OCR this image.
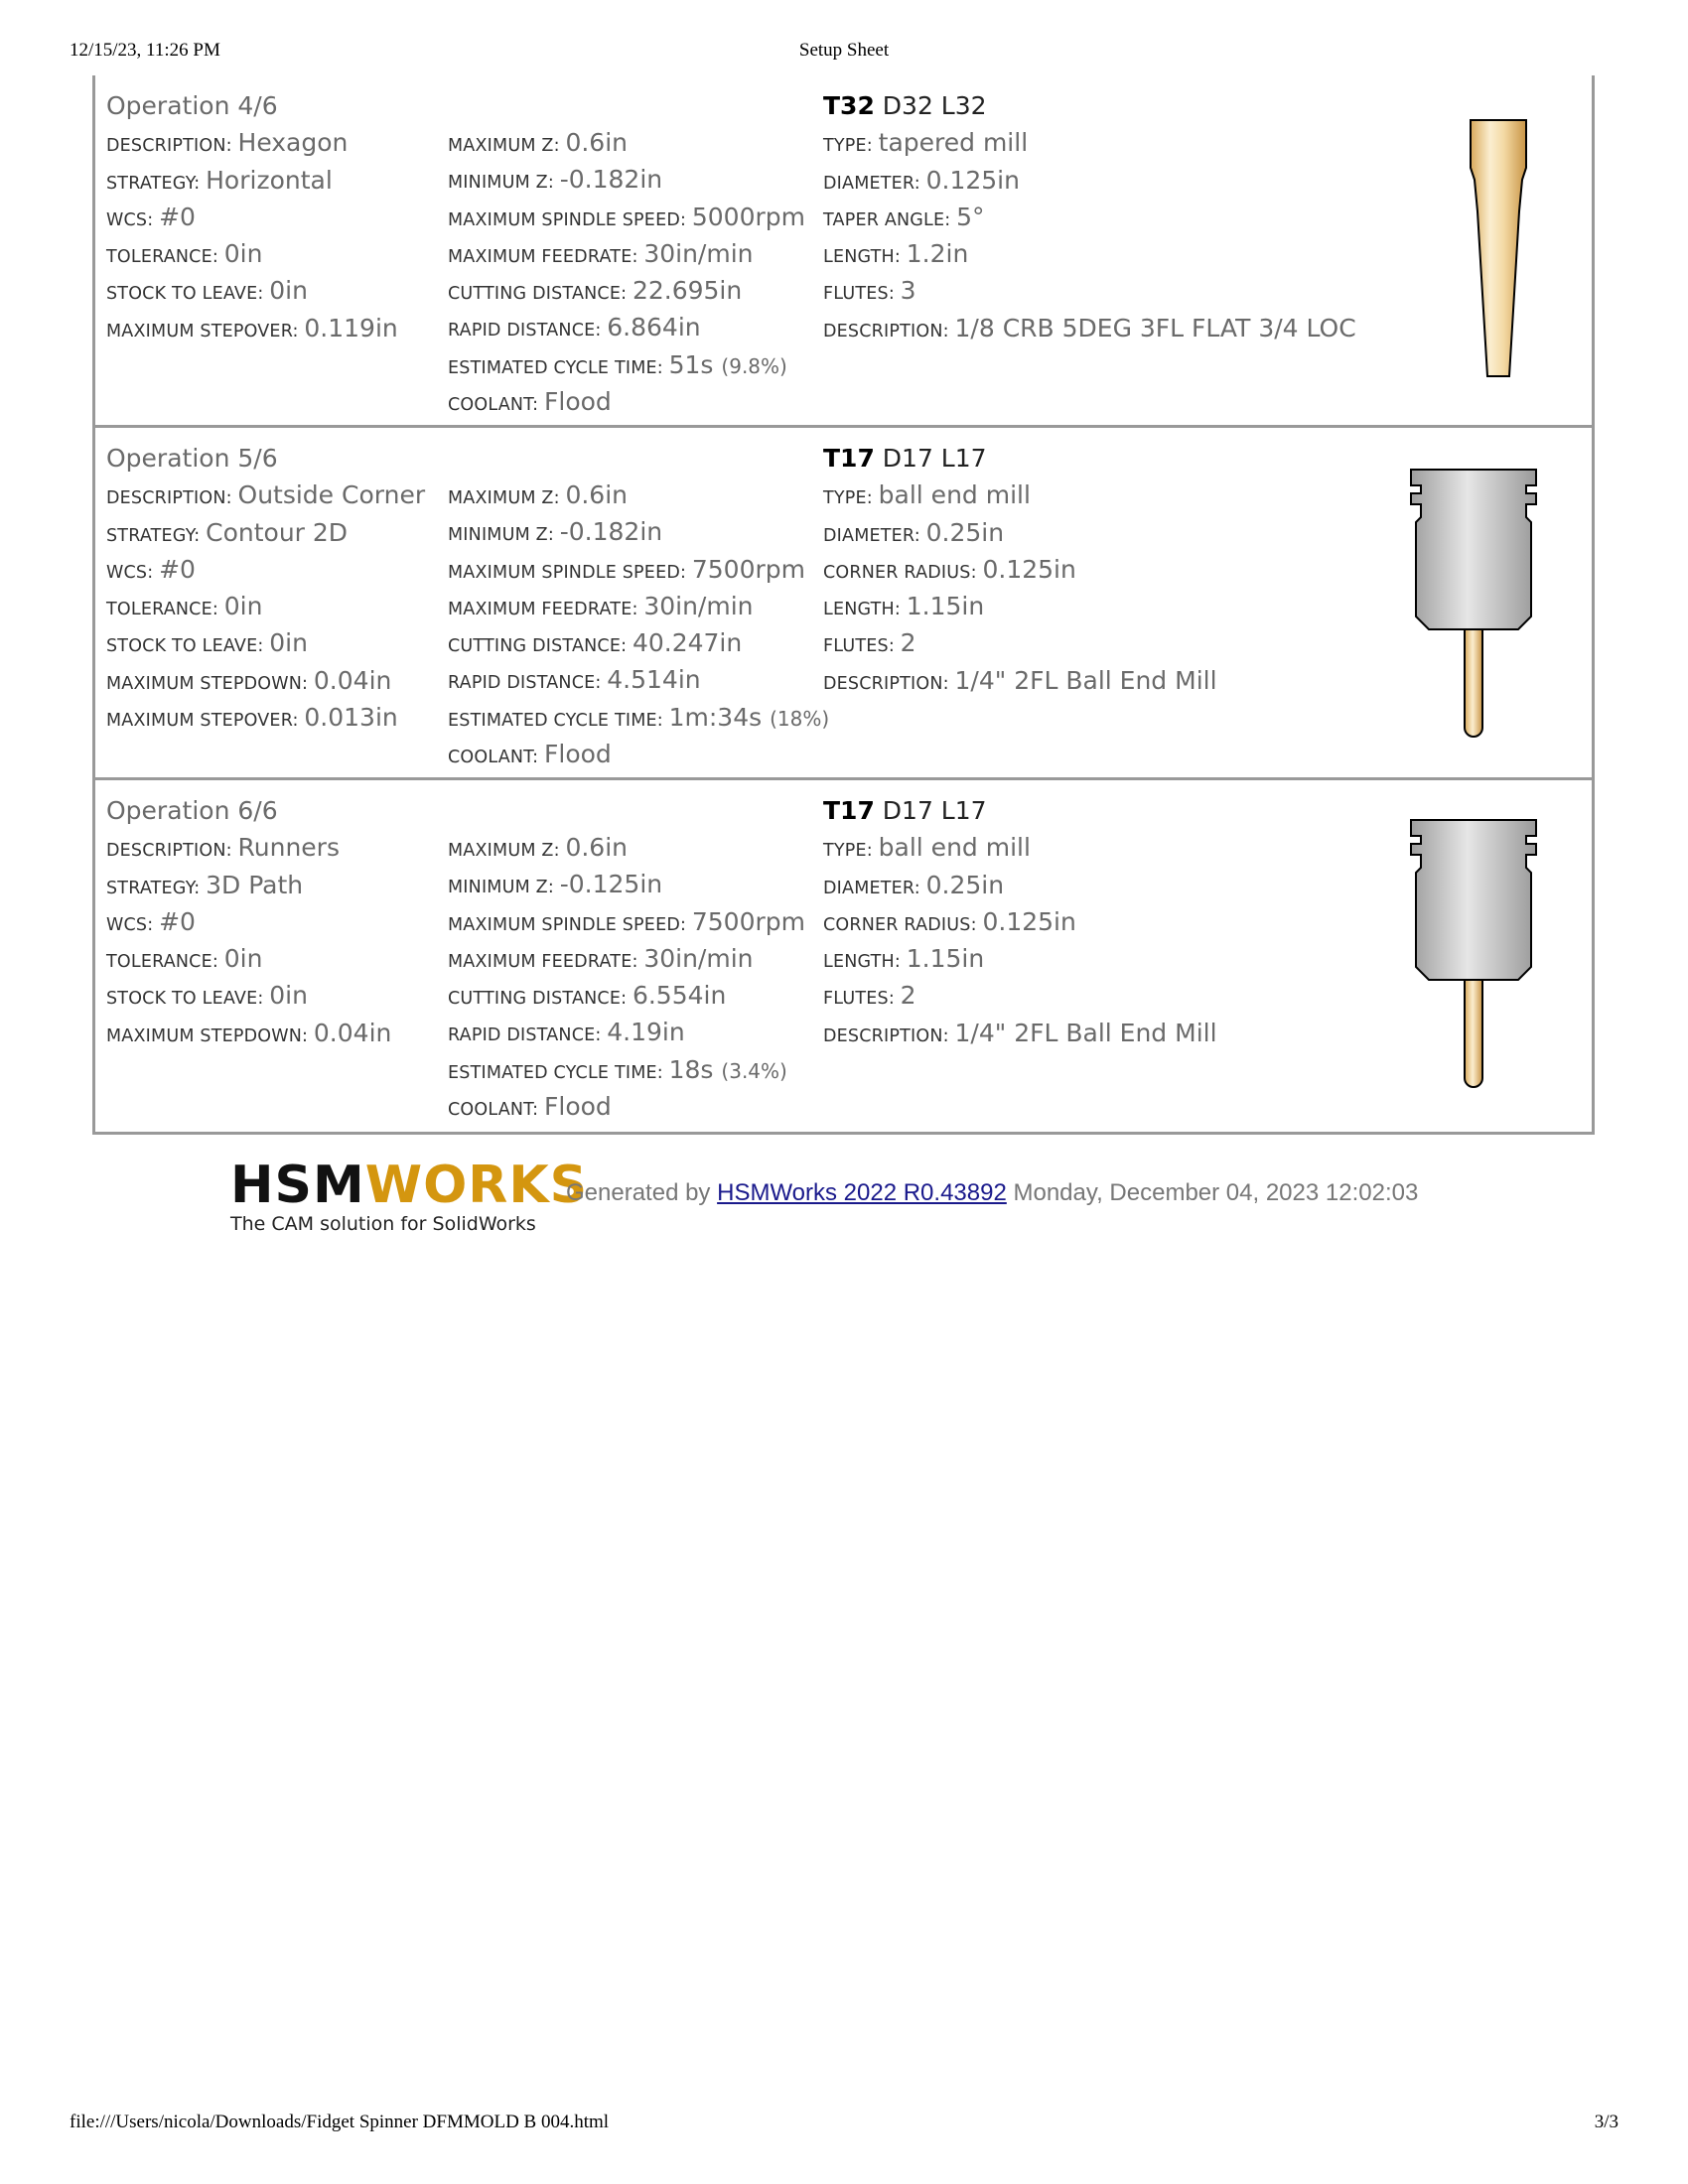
12/15/23, 11:26 PM	Setup Sheet
Operation 4/6
DESCRIPTION: Hexagon
STRATEGY: Horizontal
WCS: #0
TOLERANCE: 0in
STOCK TO LEAVE: 0in
MAXIMUM STEPOVER: 0.119in
MAXIMUM Z: 0.6in
MINIMUM Z: -0.182in
MAXIMUM SPINDLE SPEED: 5000rpm
MAXIMUM FEEDRATE: 30in/min
CUTTING DISTANCE: 22.695in
RAPID DISTANCE: 6.864in
ESTIMATED CYCLE TIME: 51s (9.8%)
COOLANT: Flood
T32 D32 L32
TYPE: tapered mill
DIAMETER: 0.125in
TAPER ANGLE: 5°
LENGTH: 1.2in
FLUTES: 3
DESCRIPTION: 1/8 CRB 5DEG 3FL FLAT 3/4 LOC
Operation 5/6
DESCRIPTION: Outside Corner
STRATEGY: Contour 2D
WCS: #0
TOLERANCE: 0in
STOCK TO LEAVE: 0in
MAXIMUM STEPDOWN: 0.04in
MAXIMUM STEPOVER: 0.013in
MAXIMUM Z: 0.6in
MINIMUM Z: -0.182in
MAXIMUM SPINDLE SPEED: 7500rpm
MAXIMUM FEEDRATE: 30in/min
CUTTING DISTANCE: 40.247in
RAPID DISTANCE: 4.514in
ESTIMATED CYCLE TIME: 1m:34s (18%)
COOLANT: Flood
T17 D17 L17
TYPE: ball end mill
DIAMETER: 0.25in
CORNER RADIUS: 0.125in
LENGTH: 1.15in
FLUTES: 2
DESCRIPTION: 1/4" 2FL Ball End Mill
Operation 6/6
DESCRIPTION: Runners
STRATEGY: 3D Path
WCS: #0
TOLERANCE: 0in
STOCK TO LEAVE: 0in
MAXIMUM STEPDOWN: 0.04in
MAXIMUM Z: 0.6in
MINIMUM Z: -0.125in
MAXIMUM SPINDLE SPEED: 7500rpm
MAXIMUM FEEDRATE: 30in/min
CUTTING DISTANCE: 6.554in
RAPID DISTANCE: 4.19in
ESTIMATED CYCLE TIME: 18s (3.4%)
COOLANT: Flood
T17 D17 L17
TYPE: ball end mill
DIAMETER: 0.25in
CORNER RADIUS: 0.125in
LENGTH: 1.15in
FLUTES: 2
DESCRIPTION: 1/4" 2FL Ball End Mill
HSMWORKS
The CAM solution for SolidWorks
Generated by HSMWorks 2022 R0.43892 Monday, December 04, 2023 12:02:03
file:///Users/nicola/Downloads/Fidget Spinner DFMMOLD B 004.html	3/3
